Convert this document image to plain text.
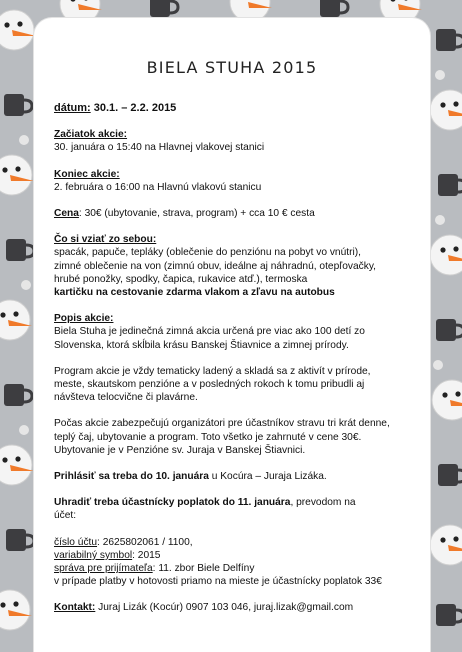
BIELA STUHA 2015

dátum: 30.1. – 2.2. 2015

Začiatok akcie:

30. januára o 15:40 na Hlavnej vlakovej stanici

Koniec akcie:

2. februára o 16:00 na Hlavnú vlakovú stanicu

Cena: 30€ (ubytovanie, strava, program) + cca 10 € cesta

Čo si vziať zo sebou:

spacák, papuče, tepláky (oblečenie do penziónu na pobyt vo vnútri),

zimné oblečenie na von (zimnú obuv, ideálne aj náhradnú, otepľovačky,

hrubé ponožky, spodky, čapica, rukavice atď.), termoska

kartičku na cestovanie zdarma vlakom a zľavu na autobus

Popis akcie:

Biela Stuha je jedinečná zimná akcia určená pre viac ako 100 detí zo

Slovenska, ktorá skĺbila krásu Banskej Štiavnice a zimnej prírody.

Program akcie je vždy tematicky ladený a skladá sa z aktivít v prírode,

meste, skautskom penzióne a v posledných rokoch k tomu pribudli aj

návšteva telocvične či plavárne.

Počas akcie zabezpečujú organizátori pre účastníkov stravu tri krát denne,

teplý čaj, ubytovanie a program. Toto všetko je zahrnuté v cene 30€.

Ubytovanie je v Penzióne sv. Juraja v Banskej Štiavnici.

Prihlásiť sa treba do 10. januára u Kocúra – Juraja Lizáka.

Uhradiť treba účastnícky poplatok do 11. januára, prevodom na

účet:

číslo účtu: 2625802061 / 1100,

variabilný symbol: 2015

správa pre prijímateľa: 11. zbor Biele Delfíny

v prípade platby v hotovosti priamo na mieste je účastnícky poplatok 33€

Kontakt: Juraj Lizák (Kocúr) 0907 103 046, juraj.lizak@gmail.com
